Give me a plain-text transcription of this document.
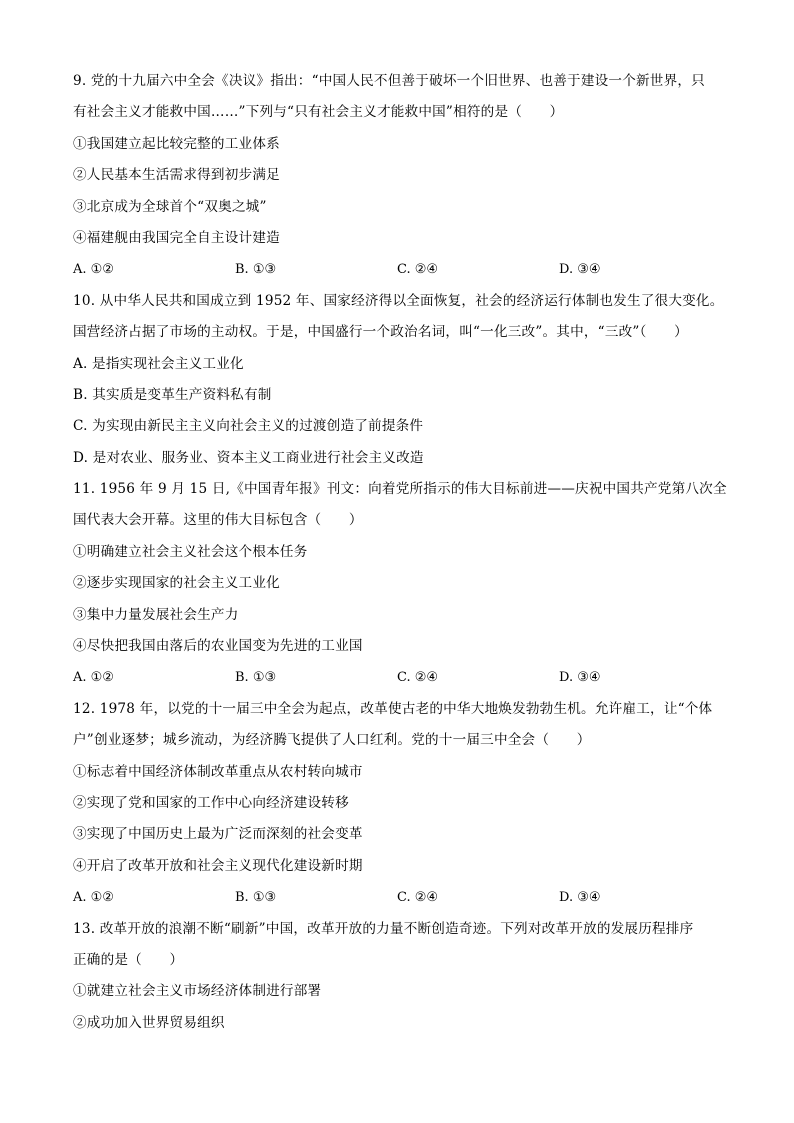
9. 党的十九届六中全会《决议》指出：“中国人民不但善于破坏一个旧世界、也善于建设一个新世界，只
有社会主义才能救中国……”下列与“只有社会主义才能救中国”相符的是（　　）
①我国建立起比较完整的工业体系
②人民基本生活需求得到初步满足
③北京成为全球首个“双奥之城”
④福建舰由我国完全自主设计建造
A. ①②	B. ①③	C. ②④	D. ③④
10. 从中华人民共和国成立到 1952 年、国家经济得以全面恢复，社会的经济运行体制也发生了很大变化。
国营经济占据了市场的主动权。于是，中国盛行一个政治名词，叫“一化三改”。其中，“三改”（　　）
A. 是指实现社会主义工业化
B. 其实质是变革生产资料私有制
C. 为实现由新民主主义向社会主义的过渡创造了前提条件
D. 是对农业、服务业、资本主义工商业进行社会主义改造
11. 1956 年 9 月 15 日,《中国青年报》刊文：向着党所指示的伟大目标前进——庆祝中国共产党第八次全
国代表大会开幕。这里的伟大目标包含（　　）
①明确建立社会主义社会这个根本任务
②逐步实现国家的社会主义工业化
③集中力量发展社会生产力
④尽快把我国由落后的农业国变为先进的工业国
A. ①②	B. ①③	C. ②④	D. ③④
12. 1978 年，以党的十一届三中全会为起点，改革使古老的中华大地焕发勃勃生机。允许雇工，让“个体
户”创业逐梦；城乡流动，为经济腾飞提供了人口红利。党的十一届三中全会（　　）
①标志着中国经济体制改革重点从农村转向城市
②实现了党和国家的工作中心向经济建设转移
③实现了中国历史上最为广泛而深刻的社会变革
④开启了改革开放和社会主义现代化建设新时期
A. ①②	B. ①③	C. ②④	D. ③④
13. 改革开放的浪潮不断“刷新”中国，改革开放的力量不断创造奇迹。下列对改革开放的发展历程排序
正确的是（　　）
①就建立社会主义市场经济体制进行部署
②成功加入世界贸易组织
